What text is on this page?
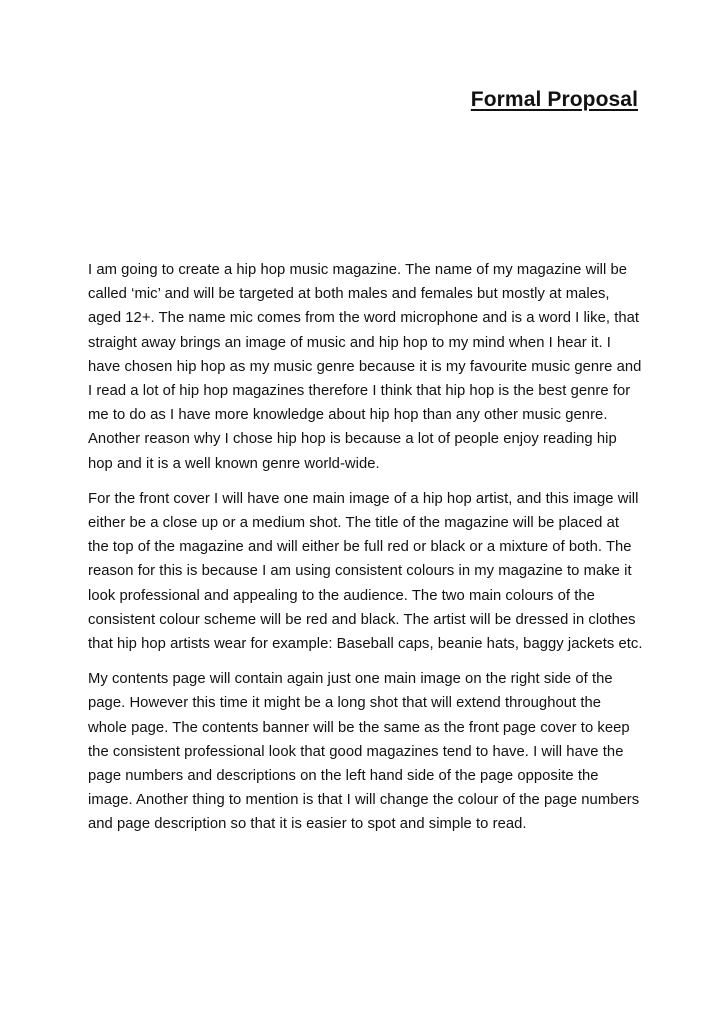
Formal Proposal

I am going to create a hip hop music magazine. The name of my magazine will be called ‘mic’ and will be targeted at both males and females but mostly at males, aged 12+. The name mic comes from the word microphone and is a word I like, that straight away brings an image of music and hip hop to my mind when I hear it. I have chosen hip hop as my music genre because it is my favourite music genre and I read a lot of hip hop magazines therefore I think that hip hop is the best genre for me to do as I have more knowledge about hip hop than any other music genre. Another reason why I chose hip hop is because a lot of people enjoy reading hip hop and it is a well known genre world-wide.

For the front cover I will have one main image of a hip hop artist, and this image will either be a close up or a medium shot. The title of the magazine will be placed at the top of the magazine and will either be full red or black or a mixture of both. The reason for this is because I am using consistent colours in my magazine to make it look professional and appealing to the audience. The two main colours of the consistent colour scheme will be red and black. The artist will be dressed in clothes that hip hop artists wear for example: Baseball caps, beanie hats, baggy jackets etc.

My contents page will contain again just one main image on the right side of the page. However this time it might be a long shot that will extend throughout the whole page. The contents banner will be the same as the front page cover to keep the consistent professional look that good magazines tend to have. I will have the page numbers and descriptions on the left hand side of the page opposite the image. Another thing to mention is that I will change the colour of the page numbers and page description so that it is easier to spot and simple to read.
